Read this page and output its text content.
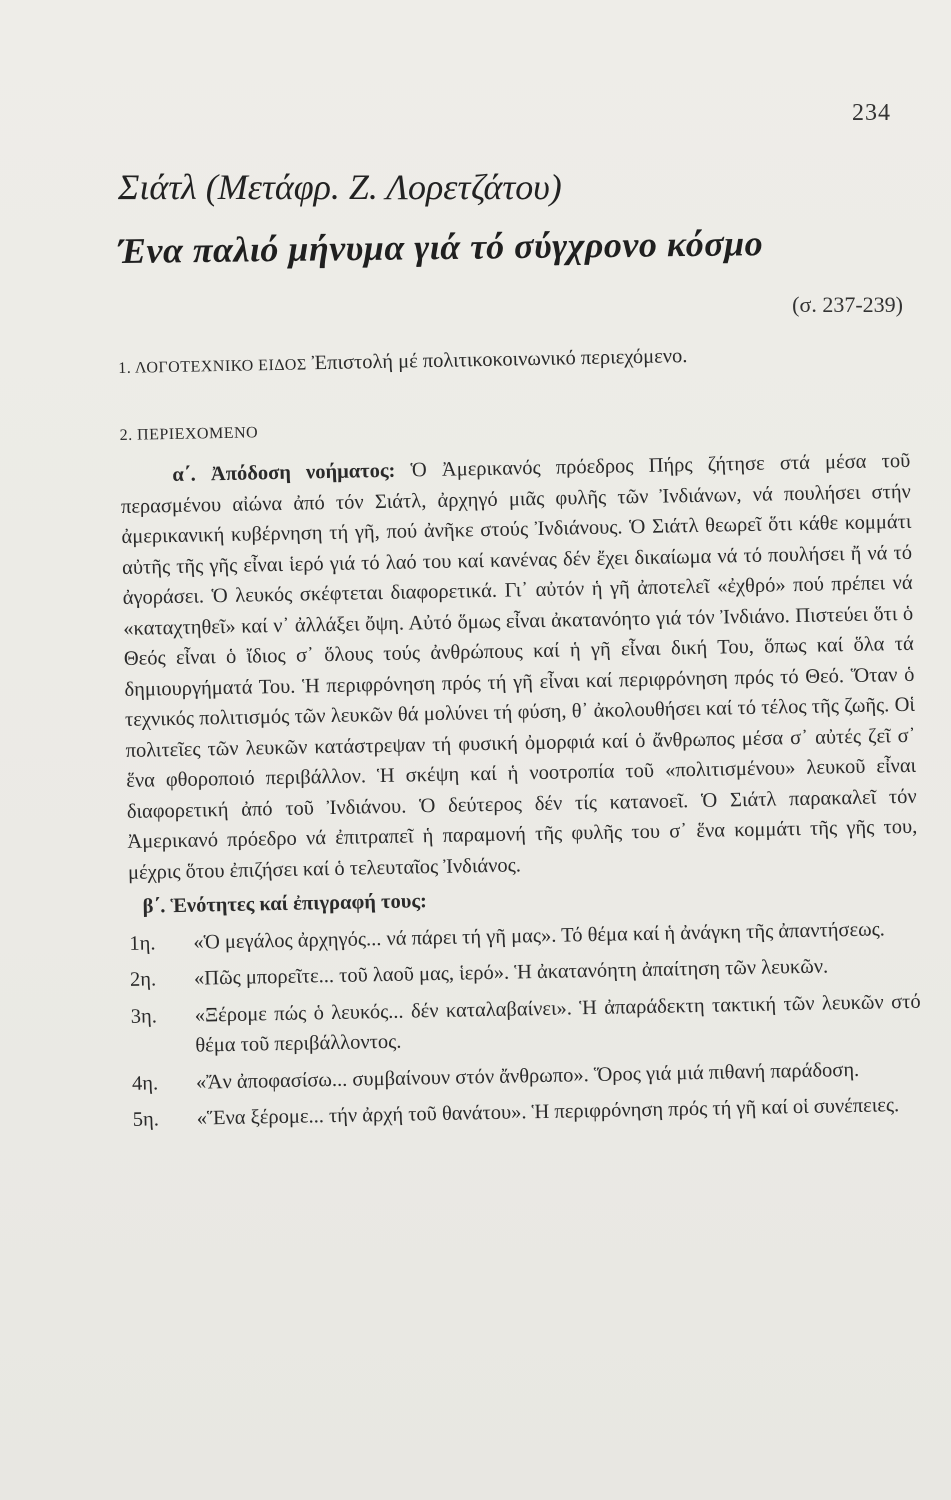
234
Σιάτλ (Μετάφρ. Ζ. Λορετζάτου)
Ένα παλιό μήνυμα γιά τό σύγχρονο κόσμο
(σ. 237-239)

1. ΛΟΓΟΤΕΧΝΙΚΟ ΕΙΔΟΣ Ἐπιστολή μέ πολιτικοκοινωνικό περιεχόμενο.

2. ΠΕΡΙΕΧΟΜΕΝΟ

α΄. Ἀπόδοση νοήματος: Ὁ Ἀμερικανός πρόεδρος Πήρς ζήτησε στά μέσα τοῦ περασμένου αἰώνα ἀπό τόν Σιάτλ, ἀρχηγό μιᾶς φυλῆς τῶν Ἰνδιάνων, νά πουλήσει στήν ἀμερικανική κυβέρνηση τή γῆ, πού ἀνῆκε στούς Ἰνδιάνους. Ὁ Σιάτλ θεωρεῖ ὅτι κάθε κομμάτι αὐτῆς τῆς γῆς εἶναι ἱερό γιά τό λαό του καί κανένας δέν ἔχει δικαίωμα νά τό πουλήσει ἤ νά τό ἀγοράσει. Ὁ λευκός σκέφτεται διαφορετικά. Γι᾽ αὐτόν ἡ γῆ ἀποτελεῖ «ἐχθρό» πού πρέπει νά «καταχτηθεῖ» καί ν᾽ ἀλλάξει ὄψη. Αὐτό ὅμως εἶναι ἀκατανόητο γιά τόν Ἰνδιάνο. Πιστεύει ὅτι ὁ Θεός εἶναι ὁ ἴδιος σ᾽ ὅλους τούς ἀνθρώπους καί ἡ γῆ εἶναι δική Του, ὅπως καί ὅλα τά δημιουργήματά Του. Ἡ περιφρόνηση πρός τή γῆ εἶναι καί περιφρόνηση πρός τό Θεό. Ὅταν ὁ τεχνικός πολιτισμός τῶν λευκῶν θά μολύνει τή φύση, θ᾽ ἀκολουθήσει καί τό τέλος τῆς ζωῆς. Οἱ πολιτεῖες τῶν λευκῶν κατάστρεψαν τή φυσική ὀμορφιά καί ὁ ἄνθρωπος μέσα σ᾽ αὐτές ζεῖ σ᾽ ἕνα φθοροποιό περιβάλλον. Ἡ σκέψη καί ἡ νοοτροπία τοῦ «πολιτισμένου» λευκοῦ εἶναι διαφορετική ἀπό τοῦ Ἰνδιάνου. Ὁ δεύτερος δέν τίς κατανοεῖ. Ὁ Σιάτλ παρακαλεῖ τόν Ἀμερικανό πρόεδρο νά ἐπιτραπεῖ ἡ παραμονή τῆς φυλῆς του σ᾽ ἕνα κομμάτι τῆς γῆς του, μέχρις ὅτου ἐπιζήσει καί ὁ τελευταῖος Ἰνδιάνος.

β΄. Ἑνότητες καί ἐπιγραφή τους:
1η.	«Ὁ μεγάλος ἀρχηγός... νά πάρει τή γῆ μας». Τό θέμα καί ἡ ἀνάγκη τῆς ἀπαντήσεως.
2η.	«Πῶς μπορεῖτε... τοῦ λαοῦ μας, ἱερό». Ἡ ἀκατανόητη ἀπαίτηση τῶν λευκῶν.
3η.	«Ξέρομε πώς ὁ λευκός... δέν καταλαβαίνει». Ἡ ἀπαράδεκτη τακτική τῶν λευκῶν στό θέμα τοῦ περιβάλλοντος.
4η.	«Ἄν ἀποφασίσω... συμβαίνουν στόν ἄνθρωπο». Ὅρος γιά μιά πιθανή παράδοση.
5η.	«Ἕνα ξέρομε... τήν ἀρχή τοῦ θανάτου». Ἡ περιφρόνηση πρός τή γῆ καί οἱ συνέπειες.
